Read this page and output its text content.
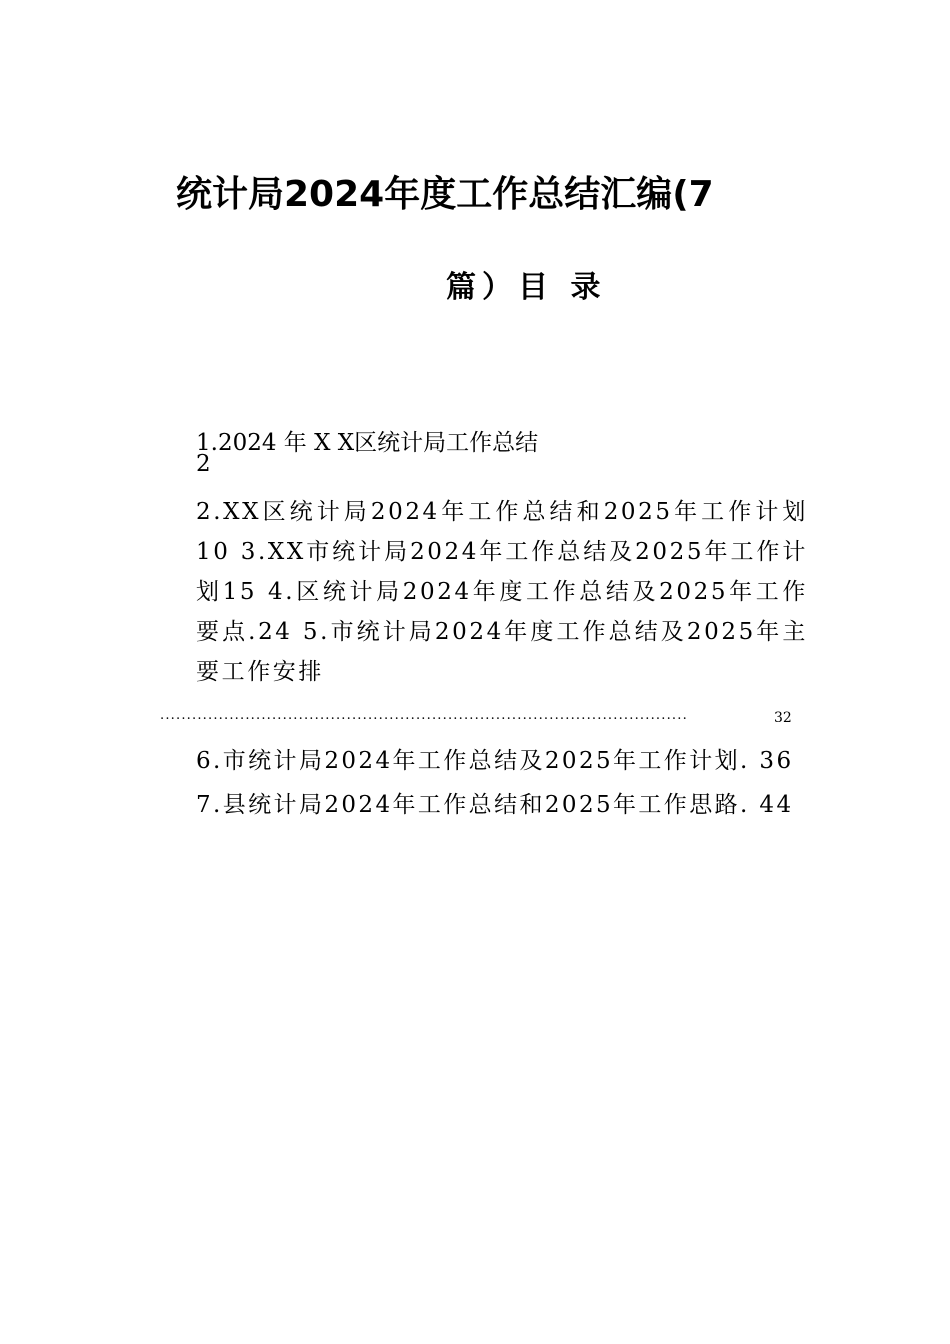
统计局2024年度工作总结汇编(7
篇）目 录
1.2024 年 X X区统计局工作总结
2
2.XX区统计局2024年工作总结和2025年工作计划10 3.XX市统计局2024年工作总结及2025年工作计划15 4.区统计局2024年度工作总结及2025年工作要点.24 5.市统计局2024年度工作总结及2025年主要工作安排
...................................................................................................	32
6.市统计局2024年工作总结及2025年工作计划. 36
7.县统计局2024年工作总结和2025年工作思路. 44
